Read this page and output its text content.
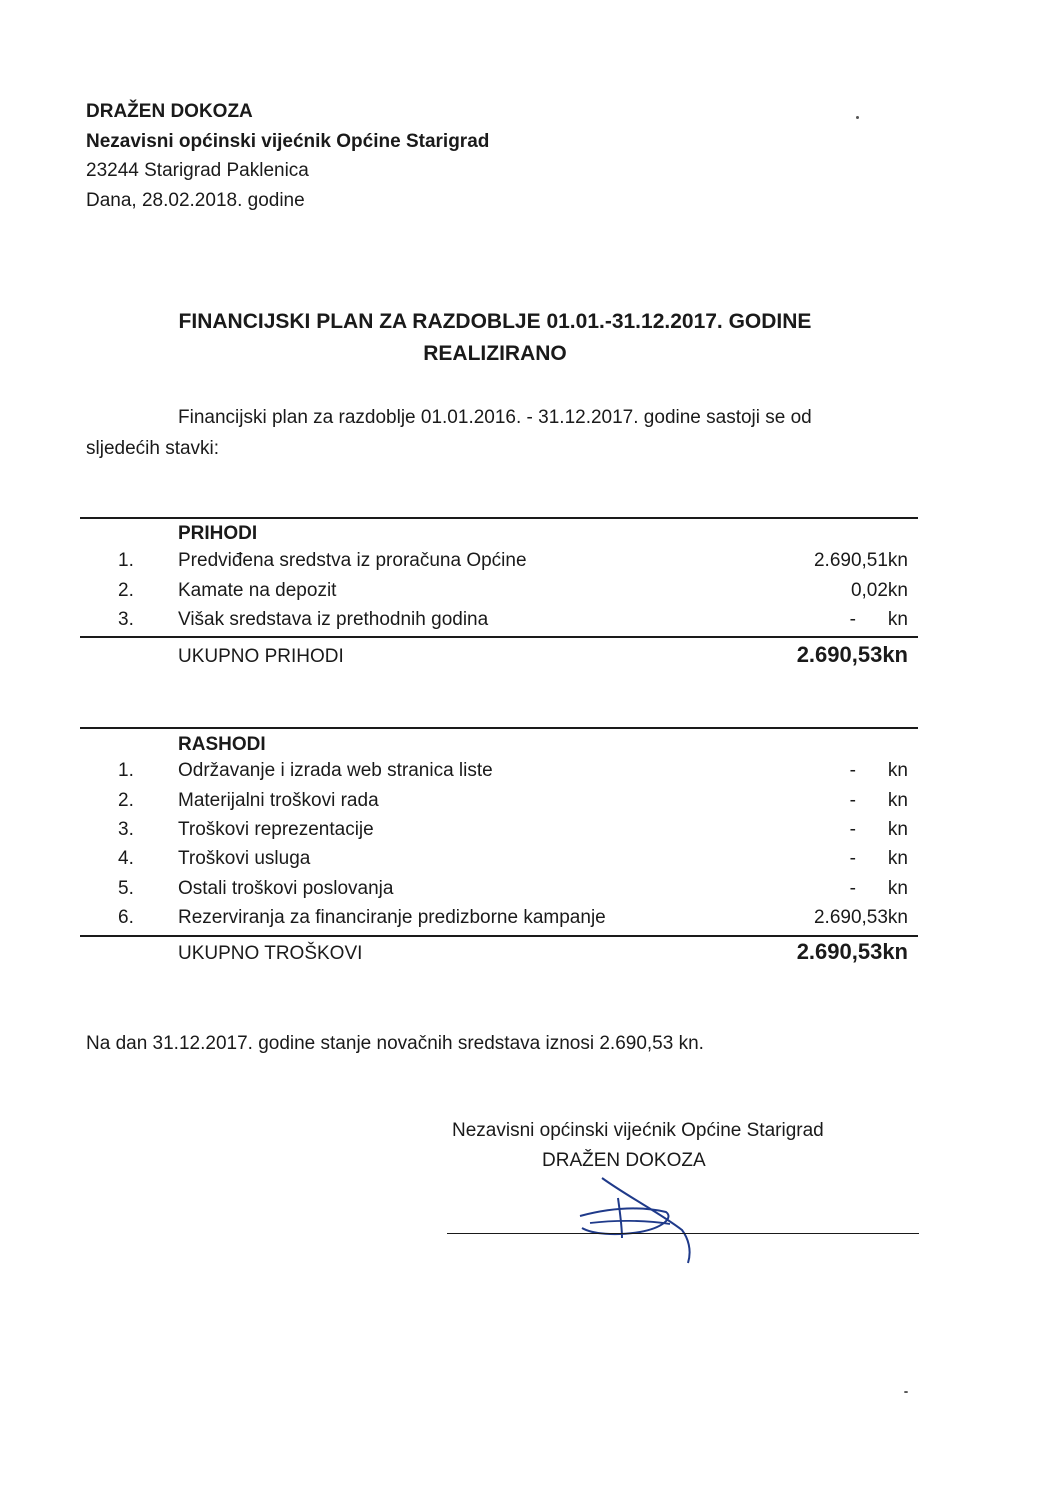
DRAŽEN DOKOZA
Nezavisni općinski vijećnik Općine Starigrad
23244 Starigrad Paklenica
Dana, 28.02.2018. godine
FINANCIJSKI PLAN ZA RAZDOBLJE 01.01.-31.12.2017. GODINE
REALIZIRANO
Financijski plan za razdoblje 01.01.2016. - 31.12.2017. godine sastoji se od
sljedećih stavki:
PRIHODI
1.	Predviđena sredstva iz proračuna Općine	2.690,51kn
2.	Kamate na depozit	0,02kn
3.	Višak sredstava iz prethodnih godina	- kn
UKUPNO PRIHODI	2.690,53kn
RASHODI
1.	Održavanje i izrada web stranica liste	- kn
2.	Materijalni troškovi rada	- kn
3.	Troškovi reprezentacije	- kn
4.	Troškovi usluga	- kn
5.	Ostali troškovi poslovanja	- kn
6.	Rezerviranja za financiranje predizborne kampanje	2.690,53kn
UKUPNO TROŠKOVI	2.690,53kn
Na dan 31.12.2017. godine stanje novačnih sredstava iznosi 2.690,53 kn.
Nezavisni općinski vijećnik Općine Starigrad
DRAŽEN DOKOZA
